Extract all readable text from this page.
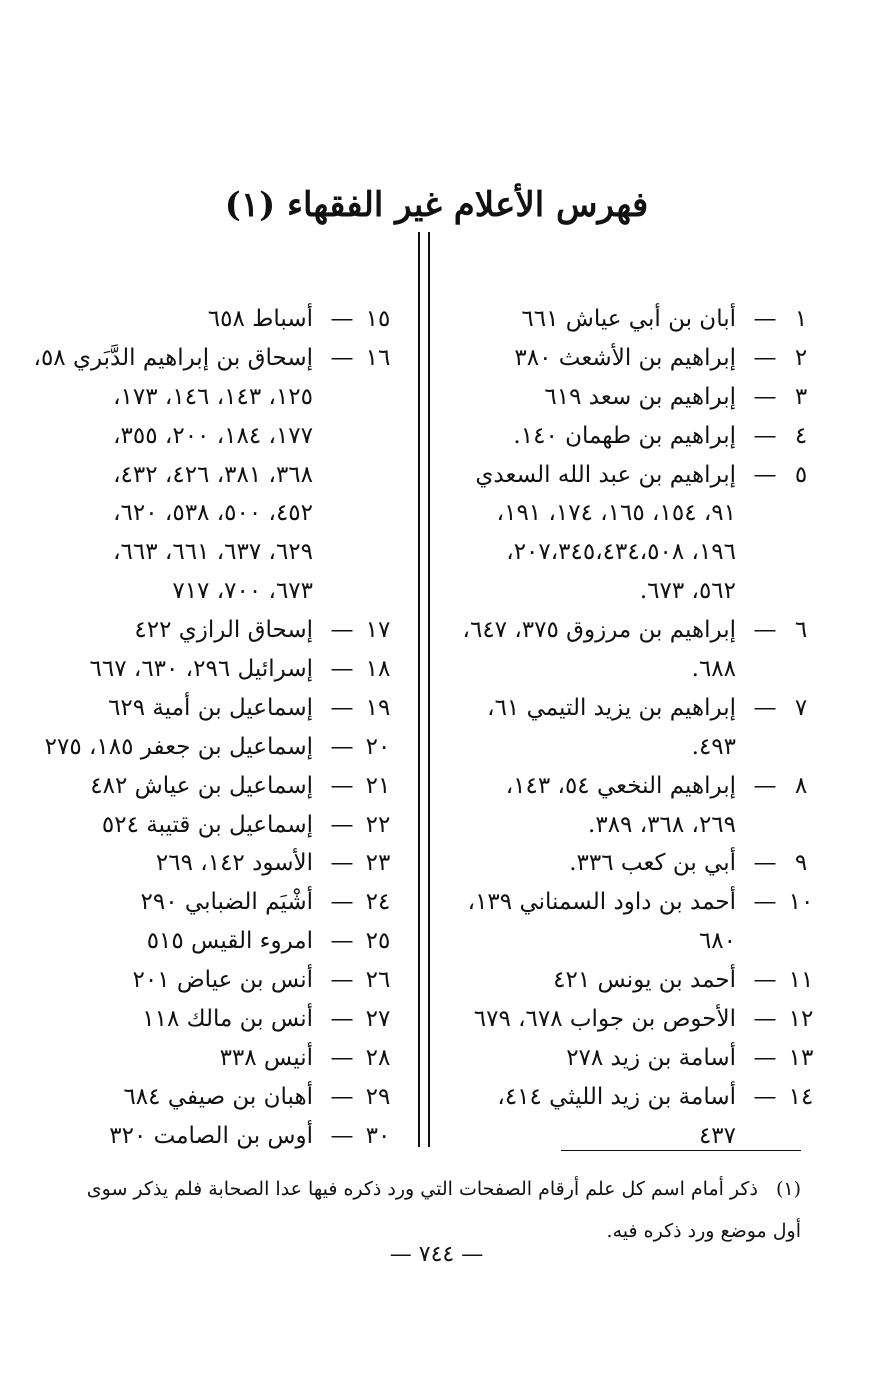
فهرس الأعلام غير الفقهاء (١)
١
—
أبان بن أبي عياش ٦٦١
٢
—
إبراهيم بن الأشعث ٣٨٠
٣
—
إبراهيم بن سعد ٦١٩
٤
—
إبراهيم بن طهمان ١٤٠.
٥
—
إبراهيم بن عبد الله السعدي
٩١، ١٥٤، ١٦٥، ١٧٤، ١٩١،
١٩٦، ٢٠٧،٣٤٥،٤٣٤،٥٠٨،
٥٦٢، ٦٧٣.
٦
—
إبراهيم بن مرزوق ٣٧٥، ٦٤٧،
٦٨٨.
٧
—
إبراهيم بن يزيد التيمي ٦١،
٤٩٣.
٨
—
إبراهيم النخعي ٥٤، ١٤٣،
٢٦٩، ٣٦٨، ٣٨٩.
٩
—
أبي بن كعب ٣٣٦.
١٠
—
أحمد بن داود السمناني ١٣٩،
٦٨٠
١١
—
أحمد بن يونس ٤٢١
١٢
—
الأحوص بن جواب ٦٧٨، ٦٧٩
١٣
—
أسامة بن زيد ٢٧٨
١٤
—
أسامة بن زيد الليثي ٤١٤،
٤٣٧
١٥
—
أسباط ٦٥٨
١٦
—
إسحاق بن إبراهيم الدَّبَري ٥٨،
١٢٥، ١٤٣، ١٤٦، ١٧٣،
١٧٧، ١٨٤، ٢٠٠، ٣٥٥،
٣٦٨، ٣٨١، ٤٢٦، ٤٣٢،
٤٥٢، ٥٠٠، ٥٣٨، ٦٢٠،
٦٢٩، ٦٣٧، ٦٦١، ٦٦٣،
٦٧٣، ٧٠٠، ٧١٧
١٧
—
إسحاق الرازي ٤٢٢
١٨
—
إسرائيل ٢٩٦، ٦٣٠، ٦٦٧
١٩
—
إسماعيل بن أمية ٦٢٩
٢٠
—
إسماعيل بن جعفر ١٨٥، ٢٧٥
٢١
—
إسماعيل بن عياش ٤٨٢
٢٢
—
إسماعيل بن قتيبة ٥٢٤
٢٣
—
الأسود ١٤٢، ٢٦٩
٢٤
—
أشْيَم الضبابي ٢٩٠
٢٥
—
امروء القيس ٥١٥
٢٦
—
أنس بن عياض ٢٠١
٢٧
—
أنس بن مالك ١١٨
٢٨
—
أنيس ٣٣٨
٢٩
—
أهبان بن صيفي ٦٨٤
٣٠
—
أوس بن الصامت ٣٢٠
(١)ذكر أمام اسم كل علم أرقام الصفحات التي ورد ذكره فيها عدا الصحابة فلم يذكر سوى أول موضع ورد ذكره فيه.
— ٧٤٤ —
